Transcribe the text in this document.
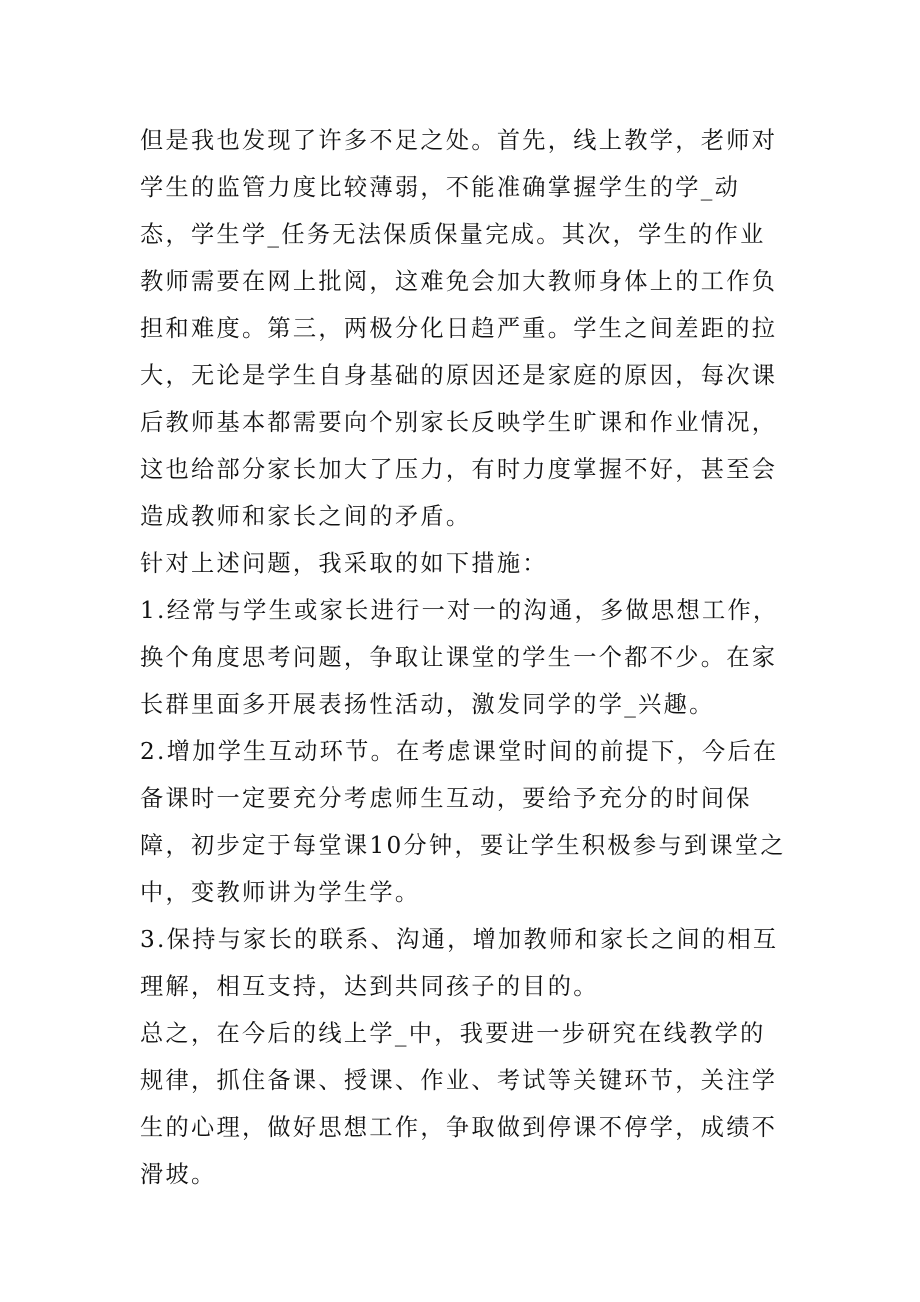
但是我也发现了许多不足之处。首先，线上教学，老师对学生的监管力度比较薄弱，不能准确掌握学生的学_动态，学生学_任务无法保质保量完成。其次，学生的作业教师需要在网上批阅，这难免会加大教师身体上的工作负担和难度。第三，两极分化日趋严重。学生之间差距的拉大，无论是学生自身基础的原因还是家庭的原因，每次课后教师基本都需要向个别家长反映学生旷课和作业情况，这也给部分家长加大了压力，有时力度掌握不好，甚至会造成教师和家长之间的矛盾。

针对上述问题，我采取的如下措施：

1.经常与学生或家长进行一对一的沟通，多做思想工作，换个角度思考问题，争取让课堂的学生一个都不少。在家长群里面多开展表扬性活动，激发同学的学_兴趣。

2.增加学生互动环节。在考虑课堂时间的前提下，今后在备课时一定要充分考虑师生互动，要给予充分的时间保障，初步定于每堂课10分钟，要让学生积极参与到课堂之中，变教师讲为学生学。

3.保持与家长的联系、沟通，增加教师和家长之间的相互理解，相互支持，达到共同孩子的目的。

总之，在今后的线上学_中，我要进一步研究在线教学的规律，抓住备课、授课、作业、考试等关键环节，关注学生的心理，做好思想工作，争取做到停课不停学，成绩不滑坡。
